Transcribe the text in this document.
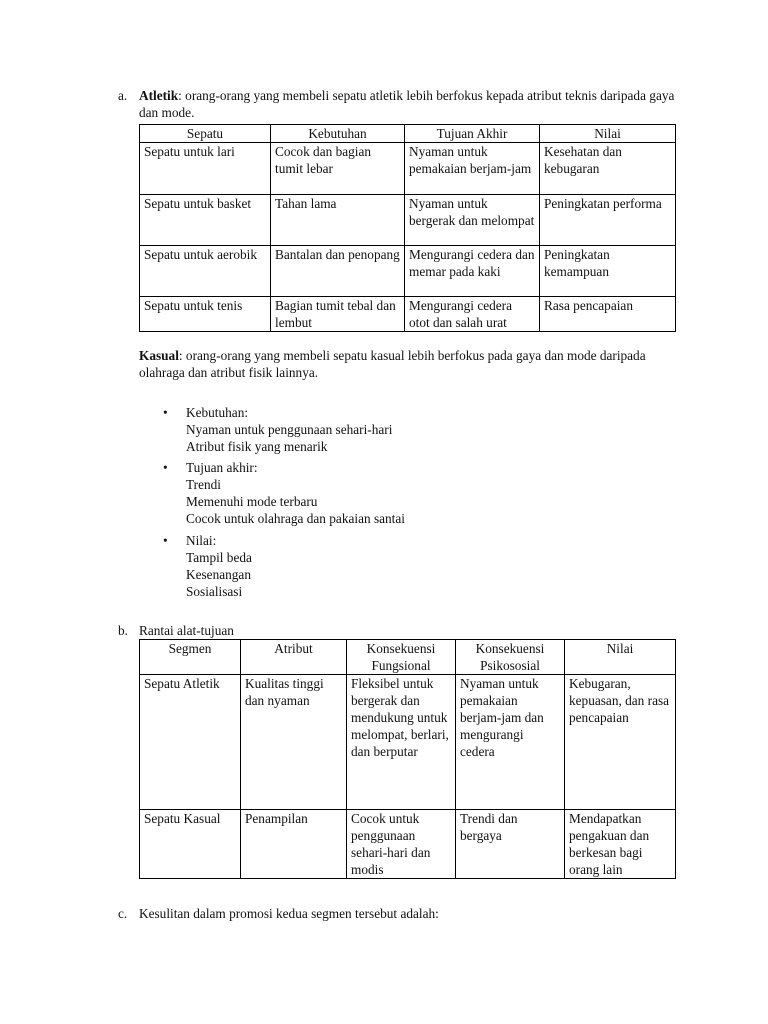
a. Atletik: orang-orang yang membeli sepatu atletik lebih berfokus kepada atribut teknis daripada gaya dan mode.
Sepatu	Kebutuhan	Tujuan Akhir	Nilai
Sepatu untuk lari	Cocok dan bagian tumit lebar	Nyaman untuk pemakaian berjam-jam	Kesehatan dan kebugaran
Sepatu untuk basket	Tahan lama	Nyaman untuk bergerak dan melompat	Peningkatan performa
Sepatu untuk aerobik	Bantalan dan penopang	Mengurangi cedera dan memar pada kaki	Peningkatan kemampuan
Sepatu untuk tenis	Bagian tumit tebal dan lembut	Mengurangi cedera otot dan salah urat	Rasa pencapaian
Kasual: orang-orang yang membeli sepatu kasual lebih berfokus pada gaya dan mode daripada olahraga dan atribut fisik lainnya.
• Kebutuhan:
Nyaman untuk penggunaan sehari-hari
Atribut fisik yang menarik
• Tujuan akhir:
Trendi
Memenuhi mode terbaru
Cocok untuk olahraga dan pakaian santai
• Nilai:
Tampil beda
Kesenangan
Sosialisasi
b. Rantai alat-tujuan
Segmen	Atribut	Konsekuensi Fungsional	Konsekuensi Psikososial	Nilai
Sepatu Atletik	Kualitas tinggi dan nyaman	Fleksibel untuk bergerak dan mendukung untuk melompat, berlari, dan berputar	Nyaman untuk pemakaian berjam-jam dan mengurangi cedera	Kebugaran, kepuasan, dan rasa pencapaian
Sepatu Kasual	Penampilan	Cocok untuk penggunaan sehari-hari dan modis	Trendi dan bergaya	Mendapatkan pengakuan dan berkesan bagi orang lain
c. Kesulitan dalam promosi kedua segmen tersebut adalah:
